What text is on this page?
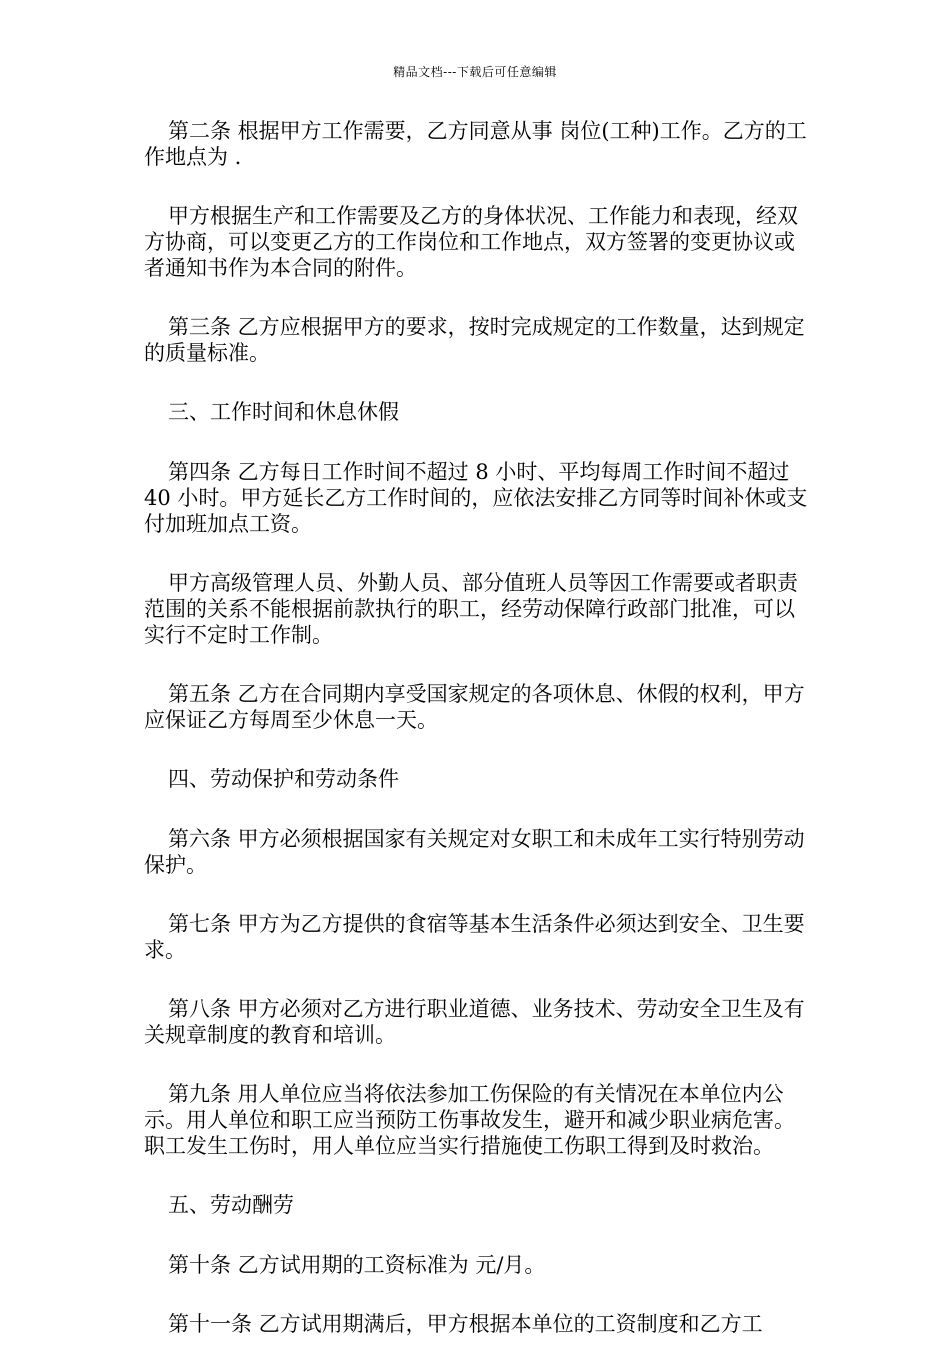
精品文档---下载后可任意编辑

第二条 根据甲方工作需要，乙方同意从事 岗位(工种)工作。乙方的工作地点为 .

甲方根据生产和工作需要及乙方的身体状况、工作能力和表现，经双方协商，可以变更乙方的工作岗位和工作地点，双方签署的变更协议或者通知书作为本合同的附件。

第三条 乙方应根据甲方的要求，按时完成规定的工作数量，达到规定的质量标准。

三、工作时间和休息休假

第四条 乙方每日工作时间不超过 8 小时、平均每周工作时间不超过 40 小时。甲方延长乙方工作时间的，应依法安排乙方同等时间补休或支付加班加点工资。

甲方高级管理人员、外勤人员、部分值班人员等因工作需要或者职责范围的关系不能根据前款执行的职工，经劳动保障行政部门批准，可以实行不定时工作制。

第五条 乙方在合同期内享受国家规定的各项休息、休假的权利，甲方应保证乙方每周至少休息一天。

四、劳动保护和劳动条件

第六条 甲方必须根据国家有关规定对女职工和未成年工实行特别劳动保护。

第七条 甲方为乙方提供的食宿等基本生活条件必须达到安全、卫生要求。

第八条 甲方必须对乙方进行职业道德、业务技术、劳动安全卫生及有关规章制度的教育和培训。

第九条 用人单位应当将依法参加工伤保险的有关情况在本单位内公示。用人单位和职工应当预防工伤事故发生，避开和减少职业病危害。 职工发生工伤时，用人单位应当实行措施使工伤职工得到及时救治。

五、劳动酬劳

第十条 乙方试用期的工资标准为 元/月。

第十一条 乙方试用期满后，甲方根据本单位的工资制度和乙方工
